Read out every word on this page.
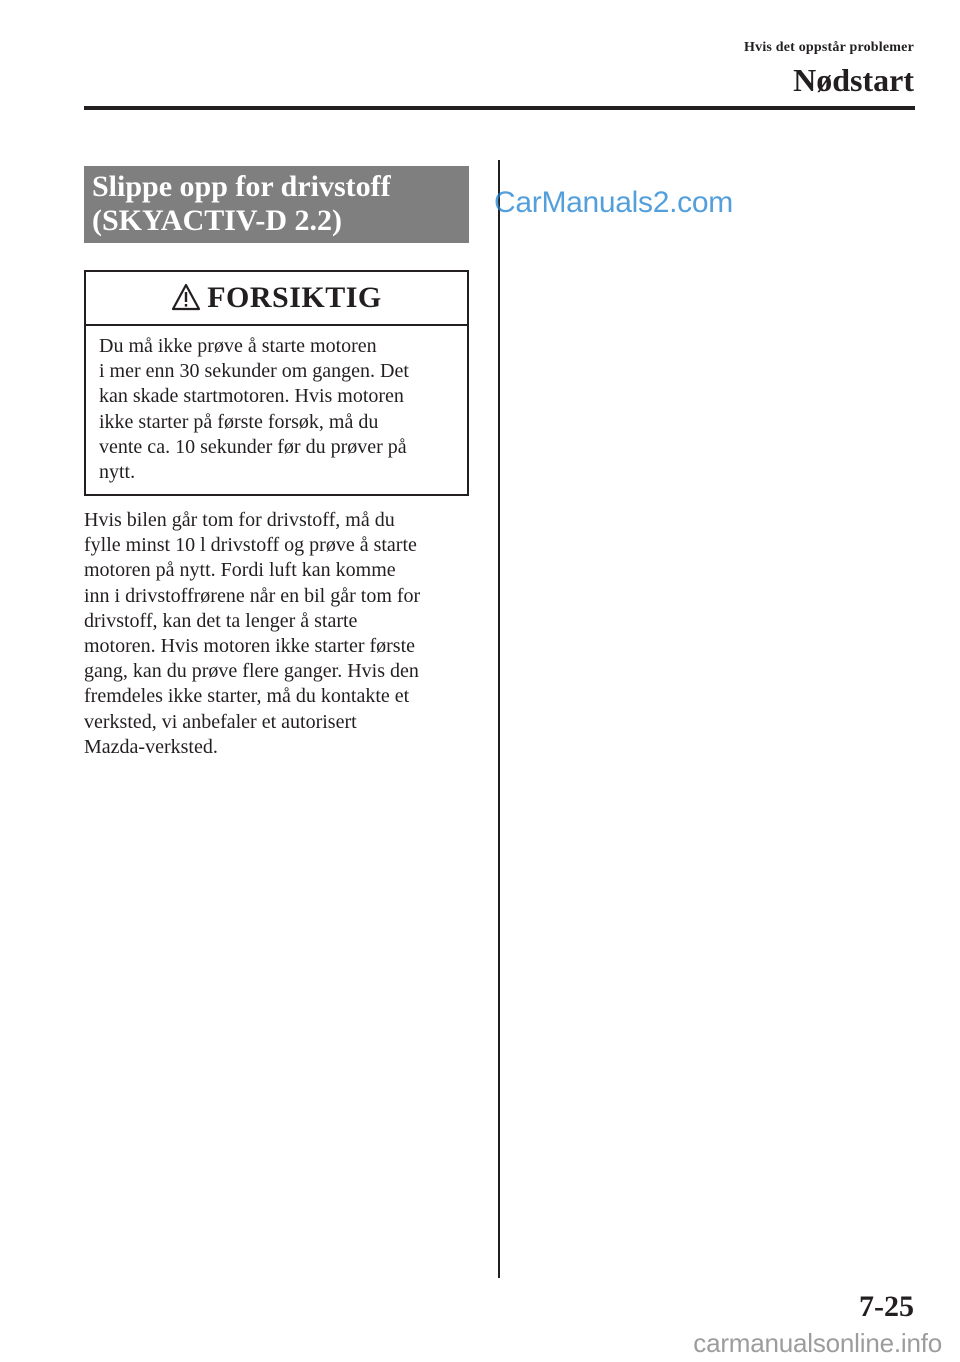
Hvis det oppstår problemer
Nødstart
Slippe opp for drivstoff
(SKYACTIV-D 2.2)
FORSIKTIG
Du må ikke prøve å starte motoren
i mer enn 30 sekunder om gangen. Det
kan skade startmotoren. Hvis motoren
ikke starter på første forsøk, må du
vente ca. 10 sekunder før du prøver på
nytt.
Hvis bilen går tom for drivstoff, må du
fylle minst 10 l drivstoff og prøve å starte
motoren på nytt. Fordi luft kan komme
inn i drivstoffrørene når en bil går tom for
drivstoff, kan det ta lenger å starte
motoren. Hvis motoren ikke starter første
gang, kan du prøve flere ganger. Hvis den
fremdeles ikke starter, må du kontakte et
verksted, vi anbefaler et autorisert
Mazda-verksted.
CarManuals2.com
7-25
carmanualsonline.info
